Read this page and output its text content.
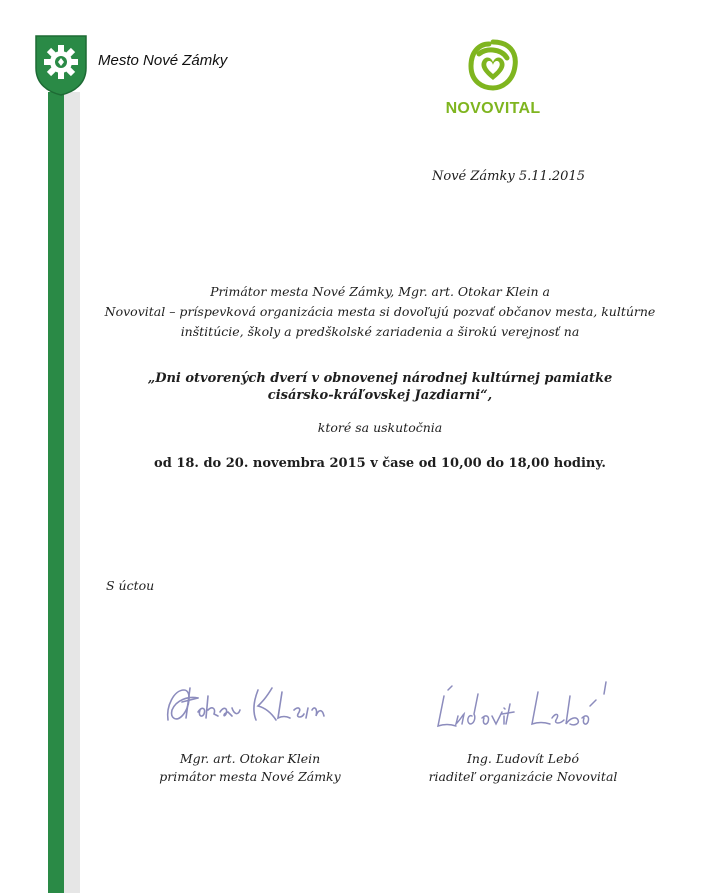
Mesto Nové Zámky
NOVOVITAL
Nové Zámky 5.11.2015
Primátor mesta Nové Zámky, Mgr. art. Otokar Klein a
Novovital – príspevková organizácia mesta si dovoľujú pozvať občanov mesta, kultúrne
inštitúcie, školy a predškolské zariadenia a širokú verejnosť na
„Dni otvorených dverí v obnovenej národnej kultúrnej pamiatke
cisársko-kráľovskej Jazdiarni“,
ktoré sa uskutočnia
od 18. do 20. novembra 2015 v čase od 10,00 do 18,00 hodiny.
S úctou
Mgr. art. Otokar Klein
primátor mesta Nové Zámky
Ing. Ľudovít Lebó
riaditeľ organizácie Novovital
